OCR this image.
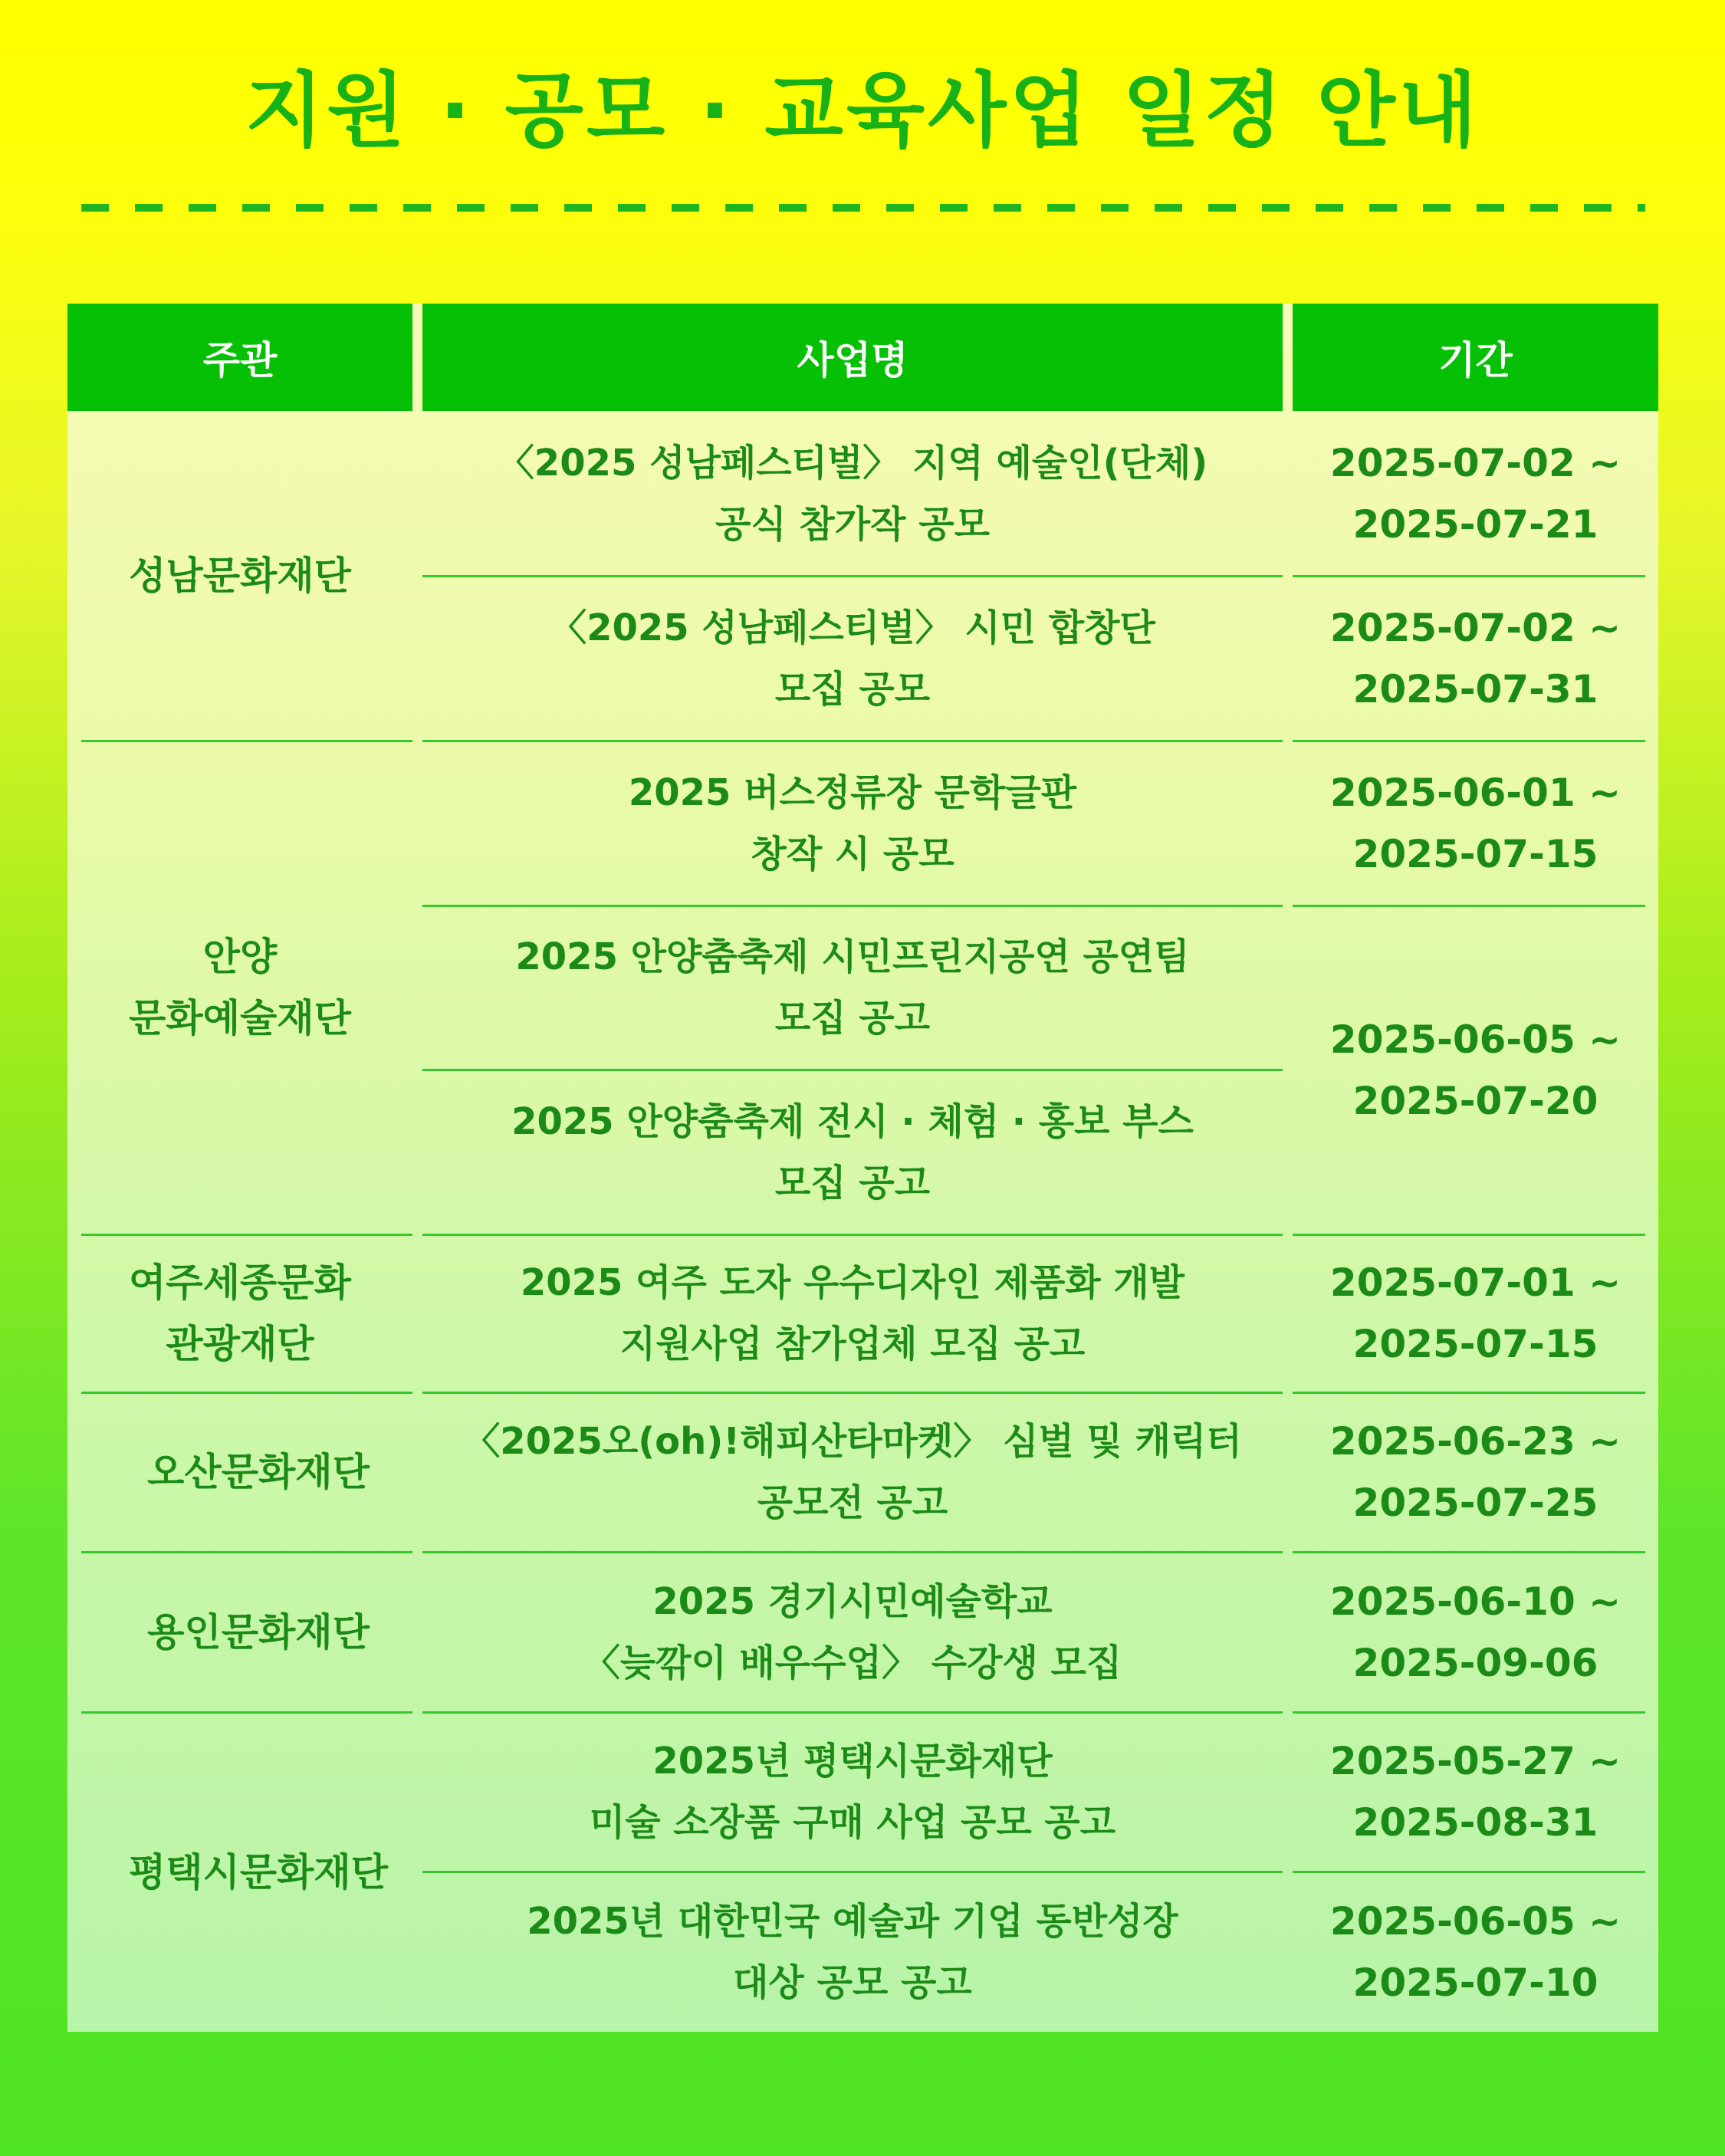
지원 · 공모 · 교육사업 일정 안내
주관	사업명	기간
성남문화재단
안양
문화예술재단
여주세종문화
관광재단
오산문화재단
용인문화재단
평택시문화재단
〈2025 성남페스티벌〉 지역 예술인(단체)
공식 참가작 공모
〈2025 성남페스티벌〉 시민 합창단
모집 공모
2025 버스정류장 문학글판
창작 시 공모
2025 안양춤축제 시민프린지공연 공연팀
모집 공고
2025 안양춤축제 전시 · 체험 · 홍보 부스
모집 공고
2025 여주 도자 우수디자인 제품화 개발
지원사업 참가업체 모집 공고
〈2025오(oh)!해피산타마켓〉 심벌 및 캐릭터
공모전 공고
2025 경기시민예술학교
〈늦깎이 배우수업〉 수강생 모집
2025년 평택시문화재단
미술 소장품 구매 사업 공모 공고
2025년 대한민국 예술과 기업 동반성장
대상 공모 공고
2025-07-02 ~
2025-07-21
2025-07-02 ~
2025-07-31
2025-06-01 ~
2025-07-15
2025-06-05 ~
2025-07-20
2025-07-01 ~
2025-07-15
2025-06-23 ~
2025-07-25
2025-06-10 ~
2025-09-06
2025-05-27 ~
2025-08-31
2025-06-05 ~
2025-07-10
